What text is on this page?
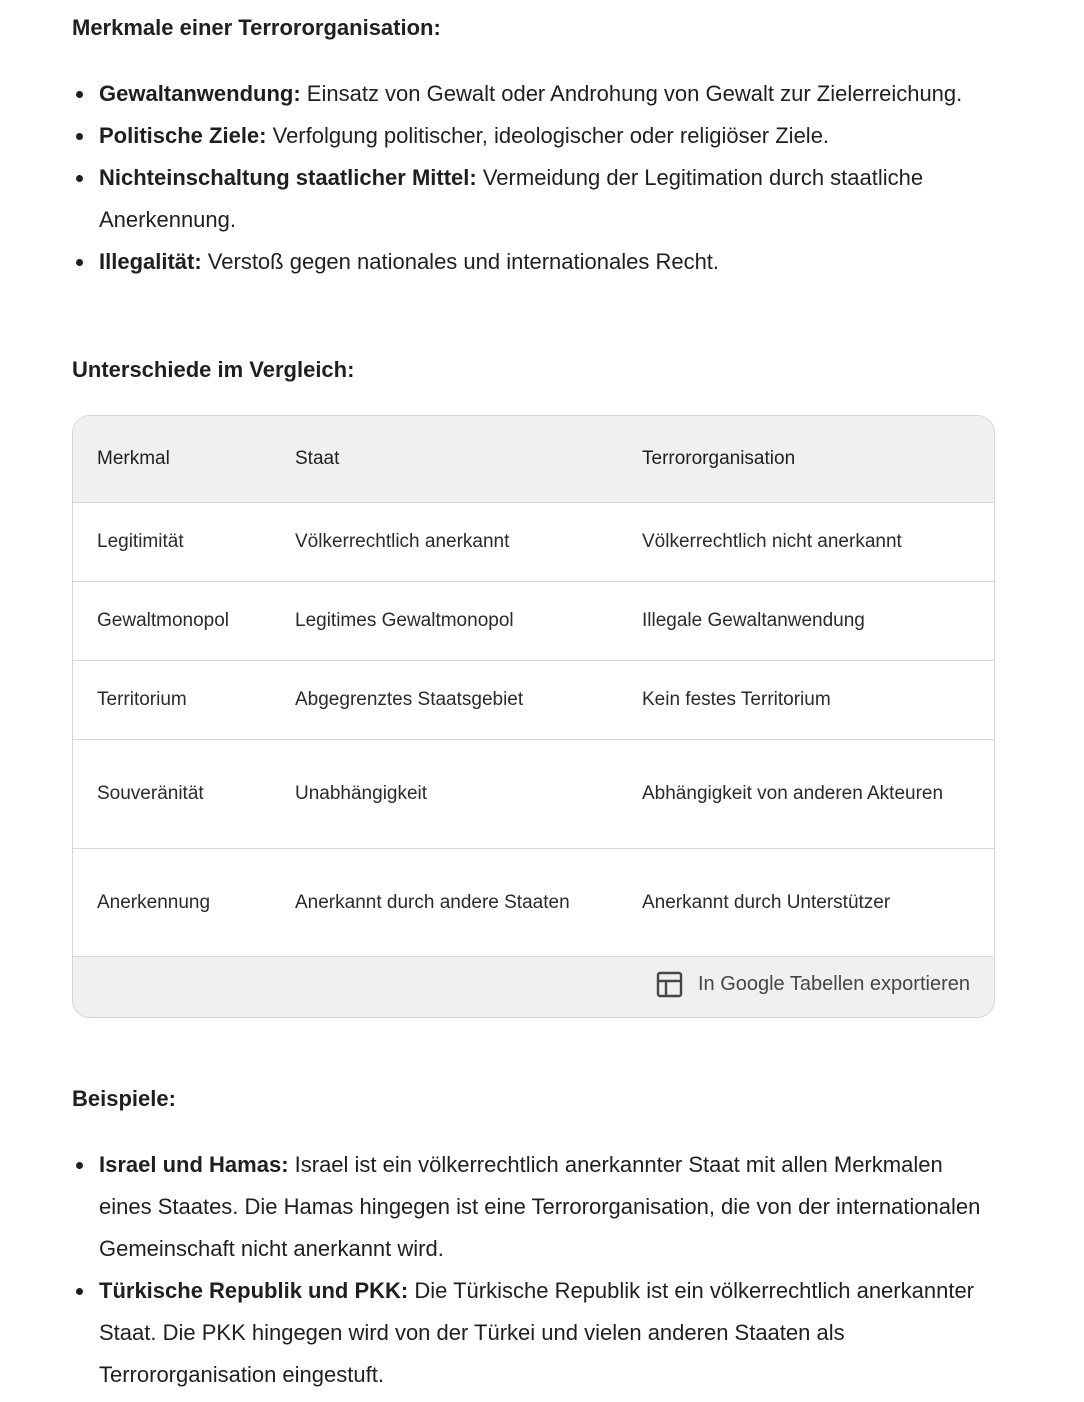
Merkmale einer Terrororganisation:
Gewaltanwendung: Einsatz von Gewalt oder Androhung von Gewalt zur Zielerreichung.
Politische Ziele: Verfolgung politischer, ideologischer oder religiöser Ziele.
Nichteinschaltung staatlicher Mittel: Vermeidung der Legitimation durch staatliche Anerkennung.
Illegalität: Verstoß gegen nationales und internationales Recht.
Unterschiede im Vergleich:
Merkmal	Staat	Terrororganisation
Legitimität	Völkerrechtlich anerkannt	Völkerrechtlich nicht anerkannt
Gewaltmonopol	Legitimes Gewaltmonopol	Illegale Gewaltanwendung
Territorium	Abgegrenztes Staatsgebiet	Kein festes Territorium
Souveränität	Unabhängigkeit	Abhängigkeit von anderen Akteuren
Anerkennung	Anerkannt durch andere Staaten	Anerkannt durch Unterstützer
In Google Tabellen exportieren
Beispiele:
Israel und Hamas: Israel ist ein völkerrechtlich anerkannter Staat mit allen Merkmalen eines Staates. Die Hamas hingegen ist eine Terrororganisation, die von der internationalen Gemeinschaft nicht anerkannt wird.
Türkische Republik und PKK: Die Türkische Republik ist ein völkerrechtlich anerkannter Staat. Die PKK hingegen wird von der Türkei und vielen anderen Staaten als Terrororganisation eingestuft.
